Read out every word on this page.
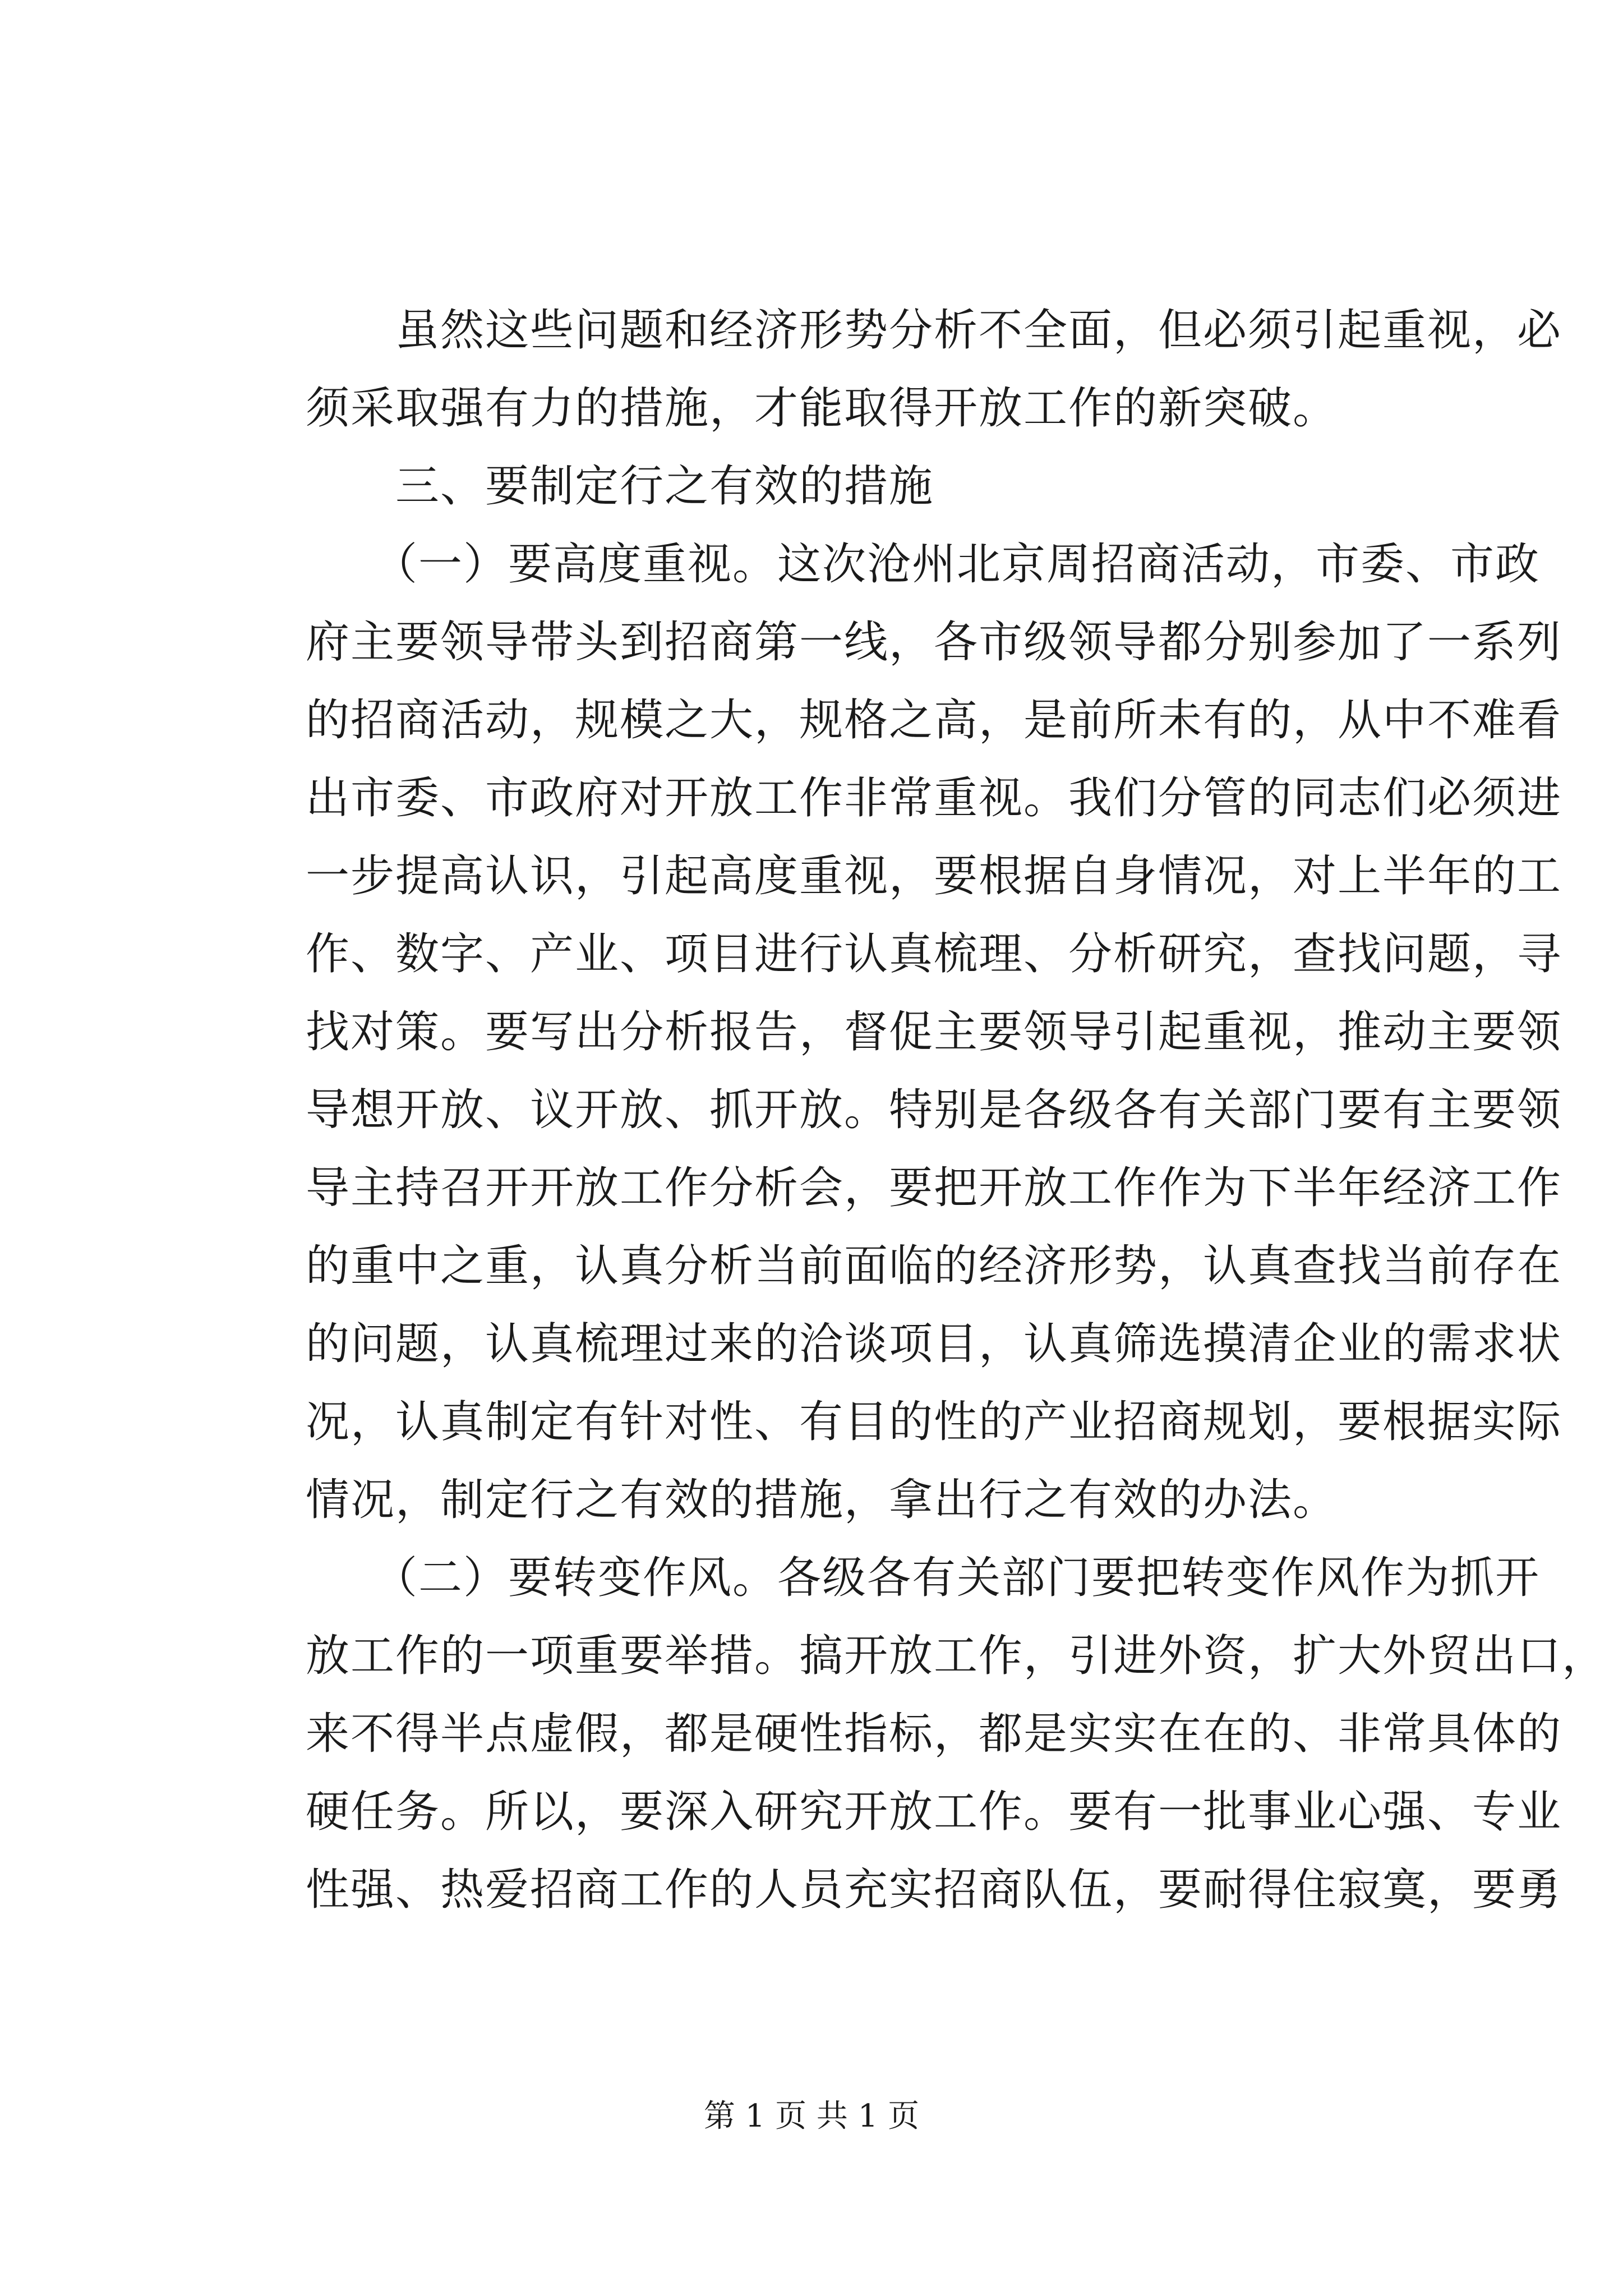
　　虽然这些问题和经济形势分析不全面，但必须引起重视，必
须采取强有力的措施，才能取得开放工作的新突破。
　　三、要制定行之有效的措施
　　（一）要高度重视。这次沧州北京周招商活动，市委、市政
府主要领导带头到招商第一线，各市级领导都分别参加了一系列
的招商活动，规模之大，规格之高，是前所未有的，从中不难看
出市委、市政府对开放工作非常重视。我们分管的同志们必须进
一步提高认识，引起高度重视，要根据自身情况，对上半年的工
作、数字、产业、项目进行认真梳理、分析研究，查找问题，寻
找对策。要写出分析报告，督促主要领导引起重视，推动主要领
导想开放、议开放、抓开放。特别是各级各有关部门要有主要领
导主持召开开放工作分析会，要把开放工作作为下半年经济工作
的重中之重，认真分析当前面临的经济形势，认真查找当前存在
的问题，认真梳理过来的洽谈项目，认真筛选摸清企业的需求状
况，认真制定有针对性、有目的性的产业招商规划，要根据实际
情况，制定行之有效的措施，拿出行之有效的办法。
　　（二）要转变作风。各级各有关部门要把转变作风作为抓开
放工作的一项重要举措。搞开放工作，引进外资，扩大外贸出口，
来不得半点虚假，都是硬性指标，都是实实在在的、非常具体的
硬任务。所以，要深入研究开放工作。要有一批事业心强、专业
性强、热爱招商工作的人员充实招商队伍，要耐得住寂寞，要勇
第 1 页 共 1 页
